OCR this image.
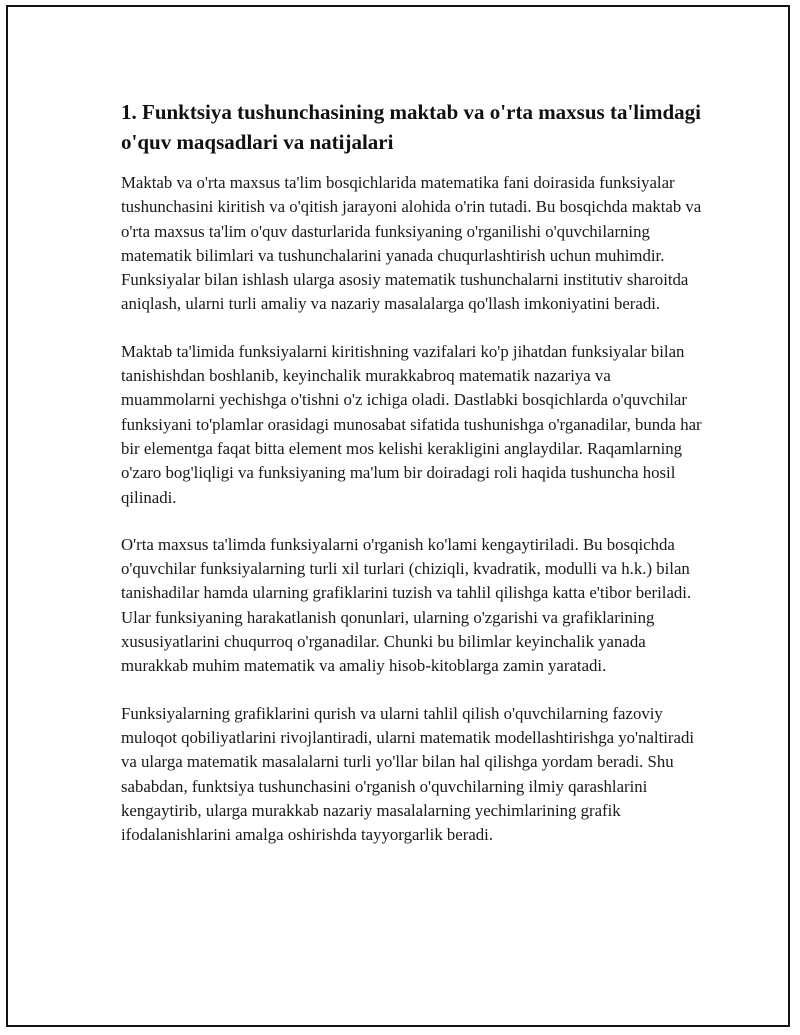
1. Funktsiya tushunchasining maktab va o'rta maxsus ta'limdagi o'quv maqsadlari va natijalari

Maktab va o'rta maxsus ta'lim bosqichlarida matematika fani doirasida funksiyalar tushunchasini kiritish va o'qitish jarayoni alohida o'rin tutadi. Bu bosqichda maktab va o'rta maxsus ta'lim o'quv dasturlarida funksiyaning o'rganilishi o'quvchilarning matematik bilimlari va tushunchalarini yanada chuqurlashtirish uchun muhimdir. Funksiyalar bilan ishlash ularga asosiy matematik tushunchalarni institutiv sharoitda aniqlash, ularni turli amaliy va nazariy masalalarga qo'llash imkoniyatini beradi.

Maktab ta'limida funksiyalarni kiritishning vazifalari ko'p jihatdan funksiyalar bilan tanishishdan boshlanib, keyinchalik murakkabroq matematik nazariya va muammolarni yechishga o'tishni o'z ichiga oladi. Dastlabki bosqichlarda o'quvchilar funksiyani to'plamlar orasidagi munosabat sifatida tushunishga o'rganadilar, bunda har bir elementga faqat bitta element mos kelishi kerakligini anglaydilar. Raqamlarning o'zaro bog'liqligi va funksiyaning ma'lum bir doiradagi roli haqida tushuncha hosil qilinadi.

O'rta maxsus ta'limda funksiyalarni o'rganish ko'lami kengaytiriladi. Bu bosqichda o'quvchilar funksiyalarning turli xil turlari (chiziqli, kvadratik, modulli va h.k.) bilan tanishadilar hamda ularning grafiklarini tuzish va tahlil qilishga katta e'tibor beriladi. Ular funksiyaning harakatlanish qonunlari, ularning o'zgarishi va grafiklarining xususiyatlarini chuqurroq o'rganadilar. Chunki bu bilimlar keyinchalik yanada murakkab muhim matematik va amaliy hisob-kitoblarga zamin yaratadi.

Funksiyalarning grafiklarini qurish va ularni tahlil qilish o'quvchilarning fazoviy muloqot qobiliyatlarini rivojlantiradi, ularni matematik modellashtirishga yo'naltiradi va ularga matematik masalalarni turli yo'llar bilan hal qilishga yordam beradi. Shu sababdan, funktsiya tushunchasini o'rganish o'quvchilarning ilmiy qarashlarini kengaytirib, ularga murakkab nazariy masalalarning yechimlarining grafik ifodalanishlarini amalga oshirishda tayyorgarlik beradi.
